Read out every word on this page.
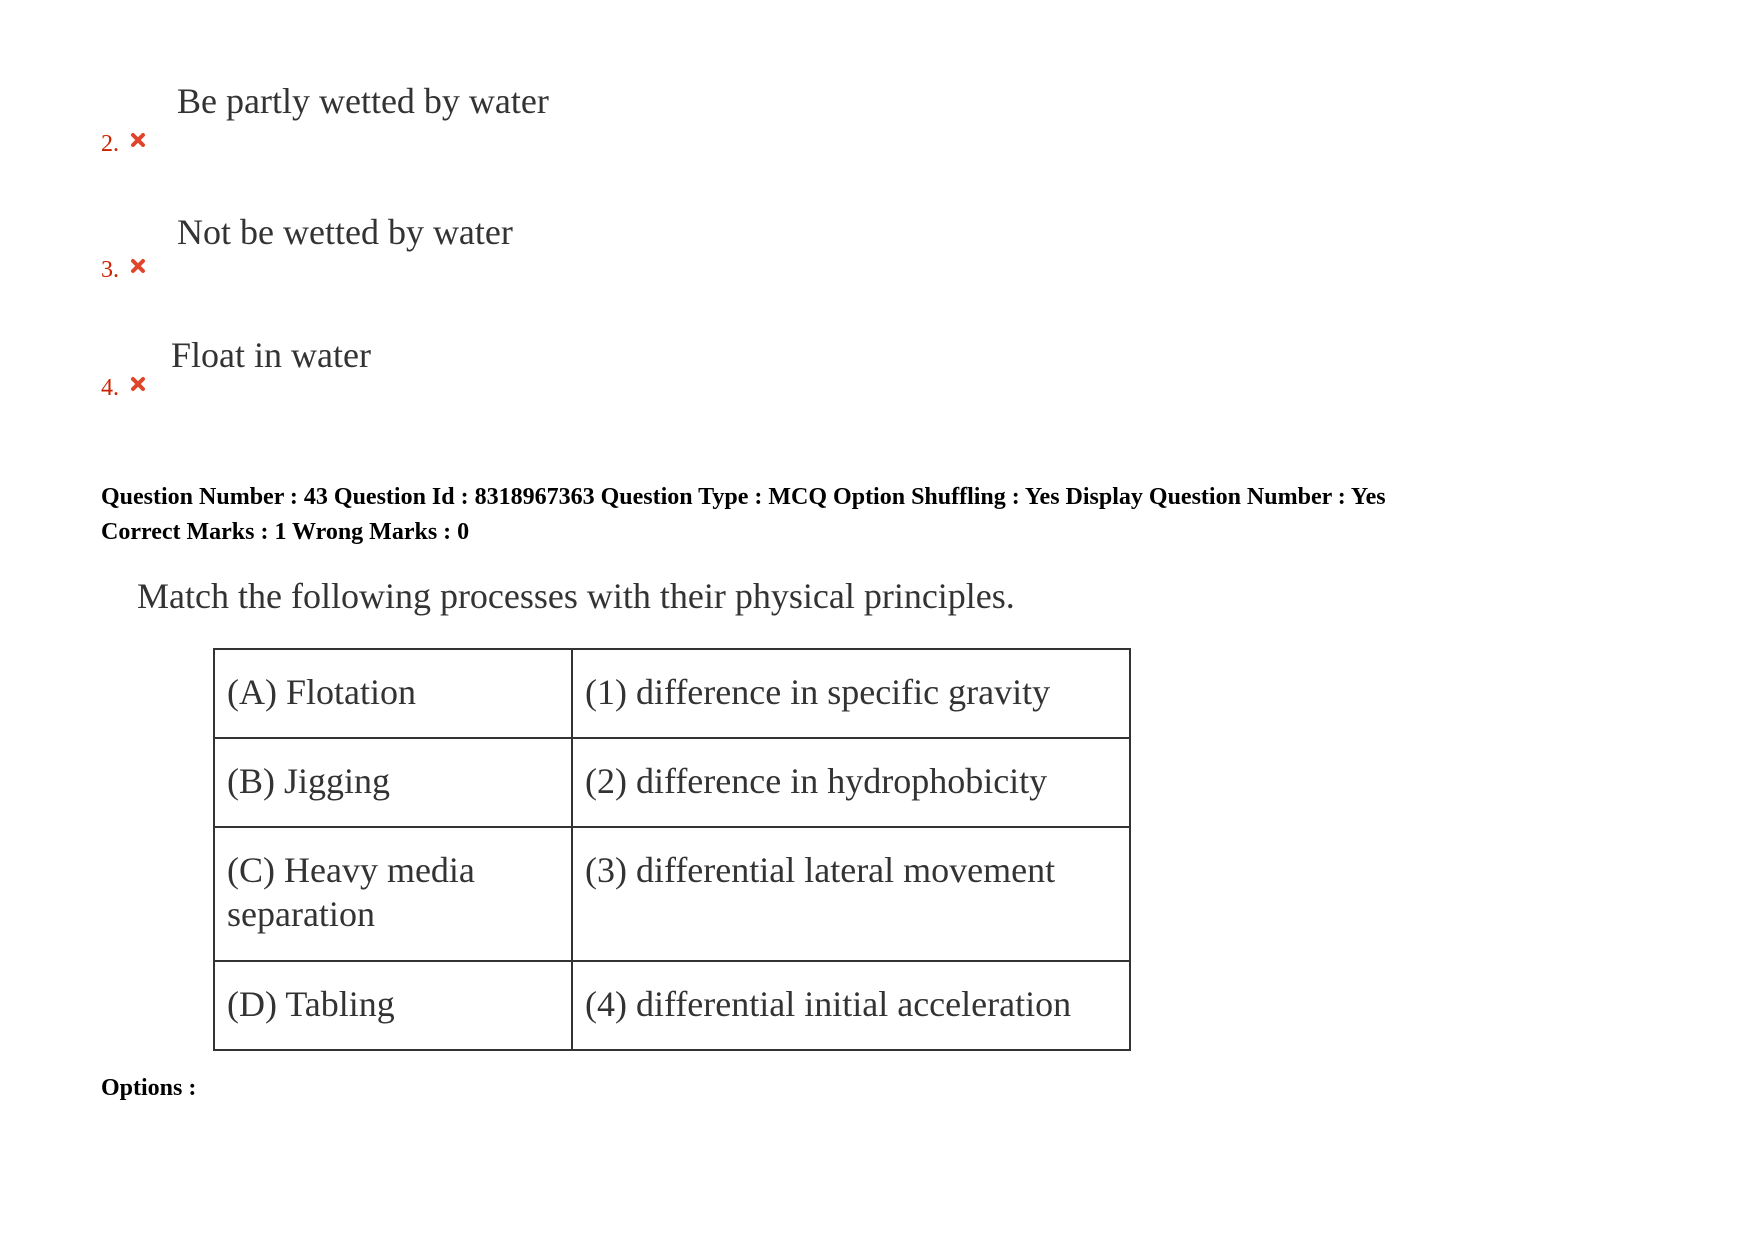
Be partly wetted by water
2.
Not be wetted by water
3.
Float in water
4.
Question Number : 43 Question Id : 8318967363 Question Type : MCQ Option Shuffling : Yes Display Question Number : Yes
Correct Marks : 1 Wrong Marks : 0
Match the following processes with their physical principles.
(A) Flotation	(1) difference in specific gravity
(B) Jigging	(2) difference in hydrophobicity
(C) Heavy media separation	(3) differential lateral movement
(D) Tabling	(4) differential initial acceleration
Options :
